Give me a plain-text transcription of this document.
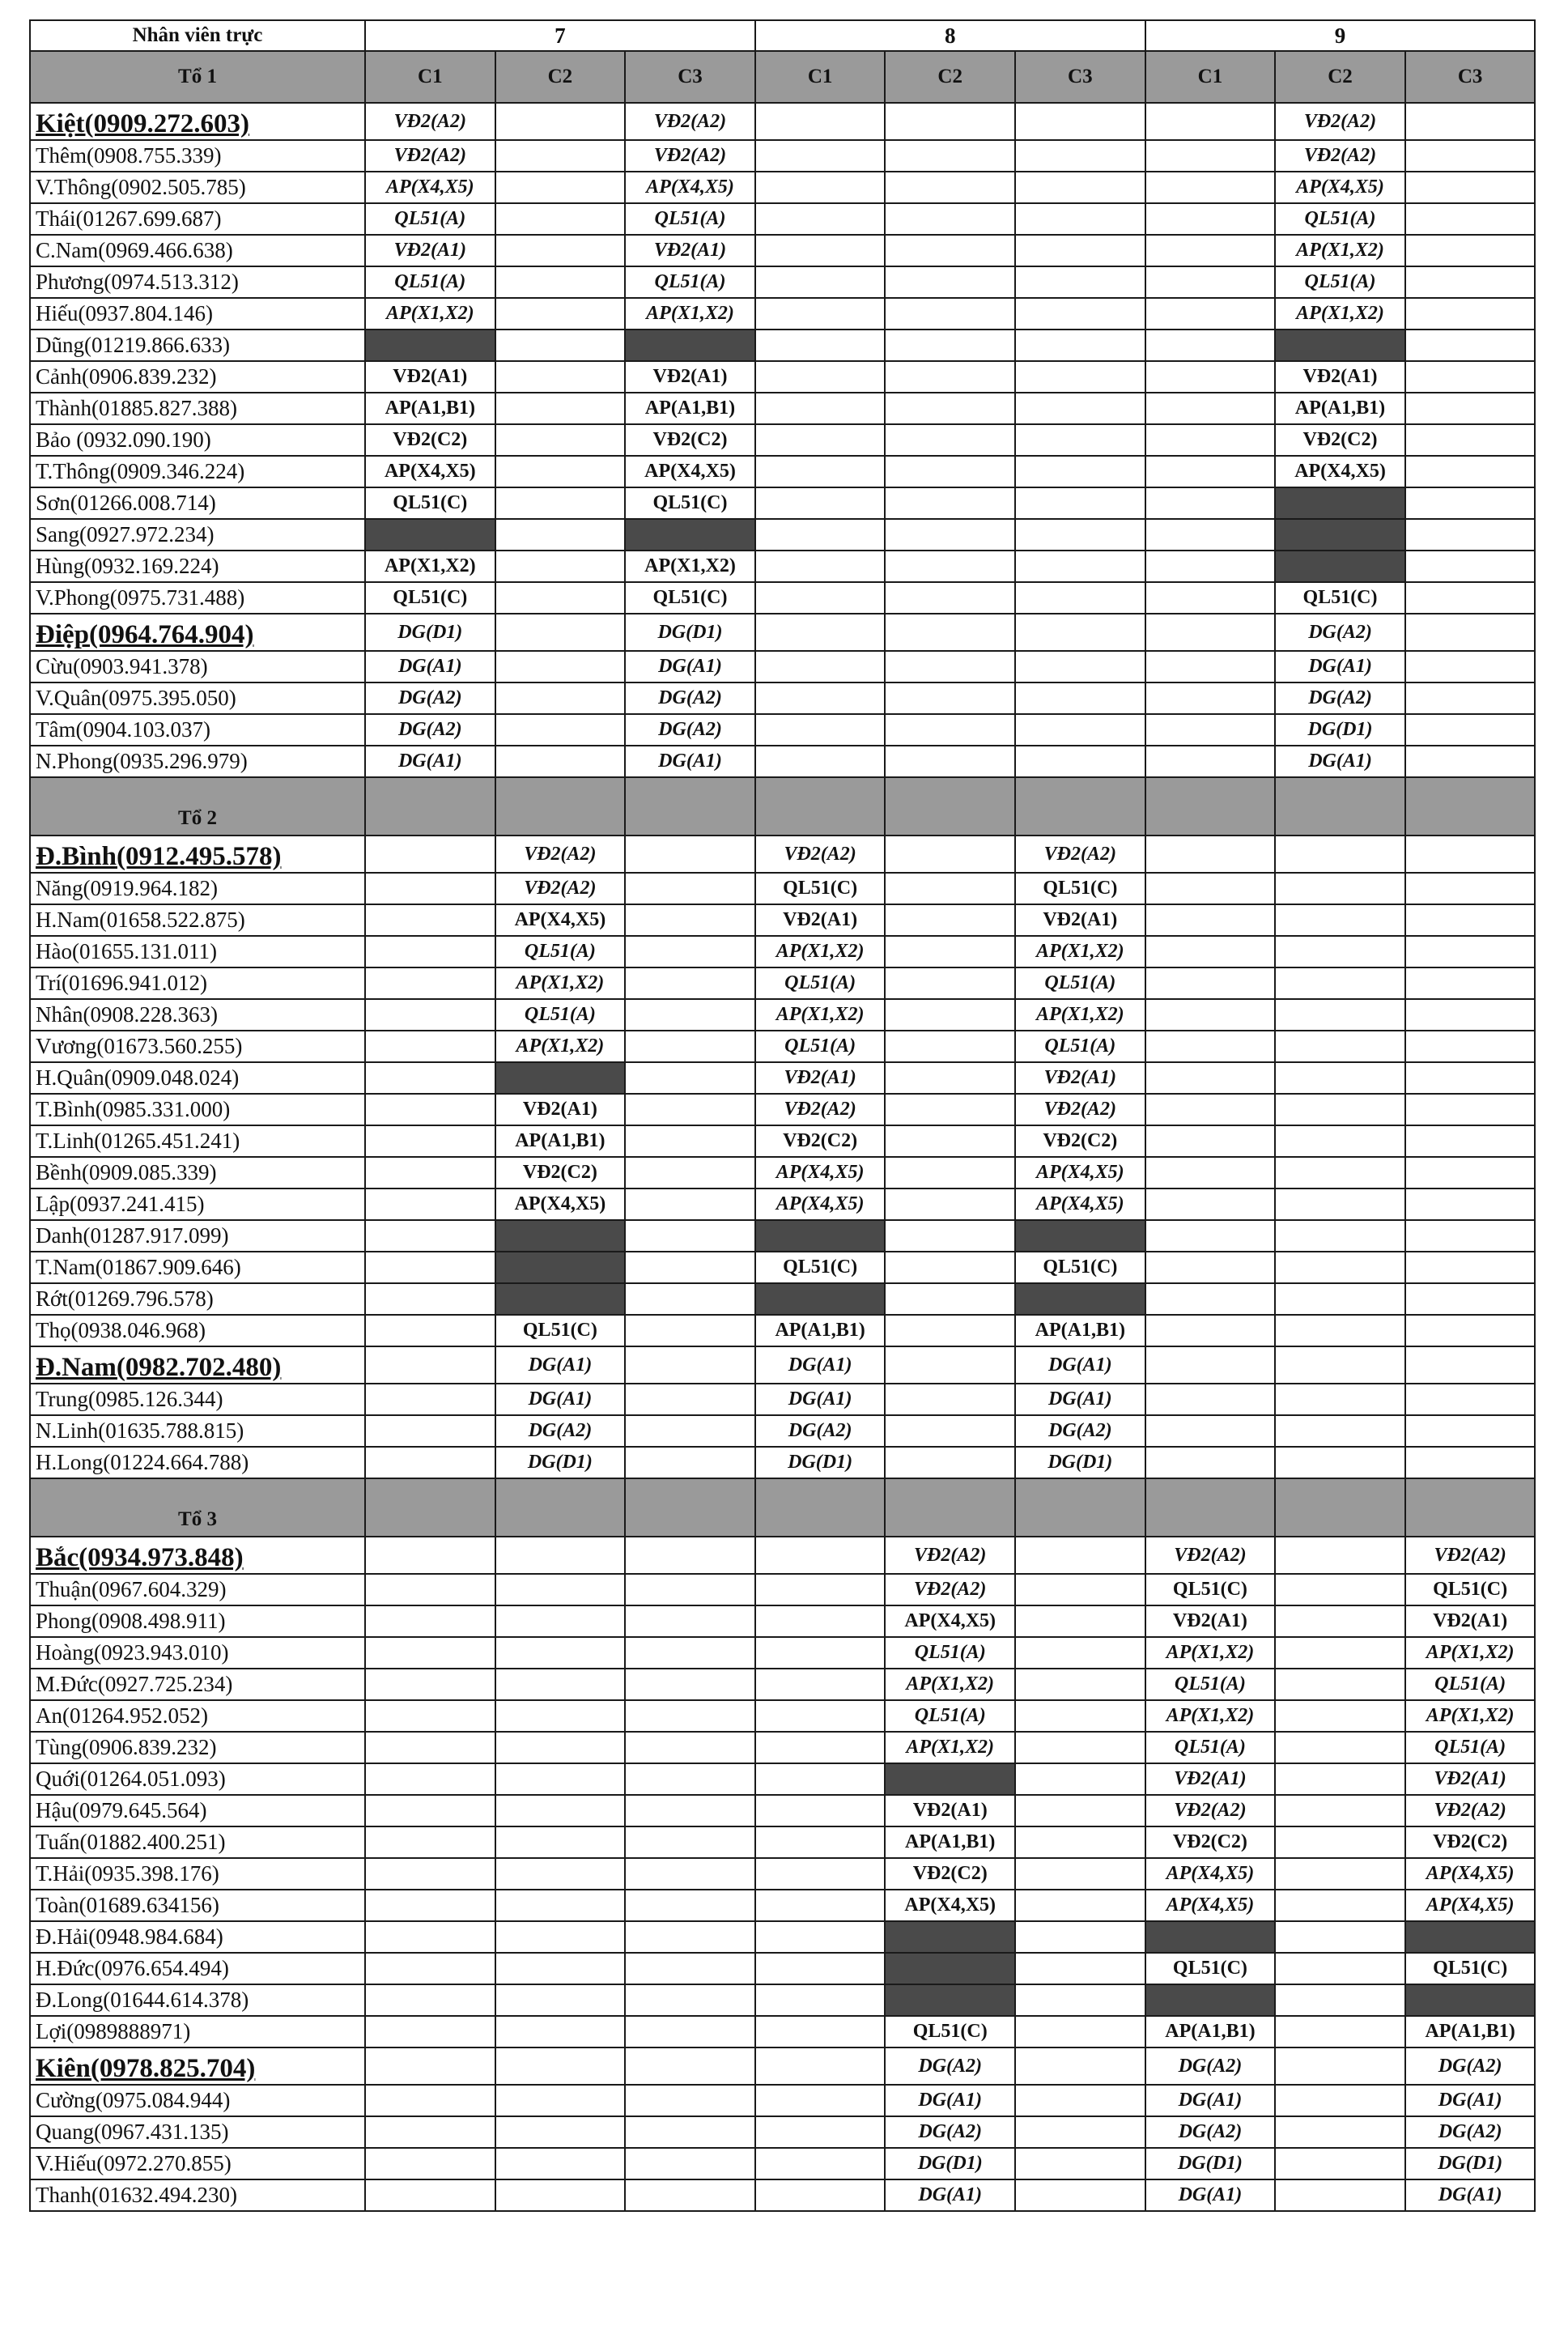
Nhân viên trực	7			8			9		
Tổ 1	C1	C2	C3	C1	C2	C3	C1	C2	C3
Kiệt(0909.272.603)	VĐ2(A2)		VĐ2(A2)					VĐ2(A2)	
Thêm(0908.755.339)	VĐ2(A2)		VĐ2(A2)					VĐ2(A2)	
V.Thông(0902.505.785)	AP(X4,X5)		AP(X4,X5)					AP(X4,X5)	
Thái(01267.699.687)	QL51(A)		QL51(A)					QL51(A)	
C.Nam(0969.466.638)	VĐ2(A1)		VĐ2(A1)					AP(X1,X2)	
Phương(0974.513.312)	QL51(A)		QL51(A)					QL51(A)	
Hiếu(0937.804.146)	AP(X1,X2)		AP(X1,X2)					AP(X1,X2)	
Dũng(01219.866.633)									
Cảnh(0906.839.232)	VĐ2(A1)		VĐ2(A1)					VĐ2(A1)	
Thành(01885.827.388)	AP(A1,B1)		AP(A1,B1)					AP(A1,B1)	
Bảo (0932.090.190)	VĐ2(C2)		VĐ2(C2)					VĐ2(C2)	
T.Thông(0909.346.224)	AP(X4,X5)		AP(X4,X5)					AP(X4,X5)	
Sơn(01266.008.714)	QL51(C)		QL51(C)						
Sang(0927.972.234)									
Hùng(0932.169.224)	AP(X1,X2)		AP(X1,X2)						
V.Phong(0975.731.488)	QL51(C)		QL51(C)					QL51(C)	
Điệp(0964.764.904)	DG(D1)		DG(D1)					DG(A2)	
Cừu(0903.941.378)	DG(A1)		DG(A1)					DG(A1)	
V.Quân(0975.395.050)	DG(A2)		DG(A2)					DG(A2)	
Tâm(0904.103.037)	DG(A2)		DG(A2)					DG(D1)	
N.Phong(0935.296.979)	DG(A1)		DG(A1)					DG(A1)	
Tổ 2									
Đ.Bình(0912.495.578)		VĐ2(A2)		VĐ2(A2)		VĐ2(A2)			
Năng(0919.964.182)		VĐ2(A2)		QL51(C)		QL51(C)			
H.Nam(01658.522.875)		AP(X4,X5)		VĐ2(A1)		VĐ2(A1)			
Hào(01655.131.011)		QL51(A)		AP(X1,X2)		AP(X1,X2)			
Trí(01696.941.012)		AP(X1,X2)		QL51(A)		QL51(A)			
Nhân(0908.228.363)		QL51(A)		AP(X1,X2)		AP(X1,X2)			
Vương(01673.560.255)		AP(X1,X2)		QL51(A)		QL51(A)			
H.Quân(0909.048.024)				VĐ2(A1)		VĐ2(A1)			
T.Bình(0985.331.000)		VĐ2(A1)		VĐ2(A2)		VĐ2(A2)			
T.Linh(01265.451.241)		AP(A1,B1)		VĐ2(C2)		VĐ2(C2)			
Bềnh(0909.085.339)		VĐ2(C2)		AP(X4,X5)		AP(X4,X5)			
Lập(0937.241.415)		AP(X4,X5)		AP(X4,X5)		AP(X4,X5)			
Danh(01287.917.099)									
T.Nam(01867.909.646)				QL51(C)		QL51(C)			
Rớt(01269.796.578)									
Thọ(0938.046.968)		QL51(C)		AP(A1,B1)		AP(A1,B1)			
Đ.Nam(0982.702.480)		DG(A1)		DG(A1)		DG(A1)			
Trung(0985.126.344)		DG(A1)		DG(A1)		DG(A1)			
N.Linh(01635.788.815)		DG(A2)		DG(A2)		DG(A2)			
H.Long(01224.664.788)		DG(D1)		DG(D1)		DG(D1)			
Tổ 3									
Bắc(0934.973.848)					VĐ2(A2)		VĐ2(A2)		VĐ2(A2)
Thuận(0967.604.329)					VĐ2(A2)		QL51(C)		QL51(C)
Phong(0908.498.911)					AP(X4,X5)		VĐ2(A1)		VĐ2(A1)
Hoàng(0923.943.010)					QL51(A)		AP(X1,X2)		AP(X1,X2)
M.Đức(0927.725.234)					AP(X1,X2)		QL51(A)		QL51(A)
An(01264.952.052)					QL51(A)		AP(X1,X2)		AP(X1,X2)
Tùng(0906.839.232)					AP(X1,X2)		QL51(A)		QL51(A)
Quới(01264.051.093)							VĐ2(A1)		VĐ2(A1)
Hậu(0979.645.564)					VĐ2(A1)		VĐ2(A2)		VĐ2(A2)
Tuấn(01882.400.251)					AP(A1,B1)		VĐ2(C2)		VĐ2(C2)
T.Hải(0935.398.176)					VĐ2(C2)		AP(X4,X5)		AP(X4,X5)
Toàn(01689.634156)					AP(X4,X5)		AP(X4,X5)		AP(X4,X5)
Đ.Hải(0948.984.684)									
H.Đức(0976.654.494)							QL51(C)		QL51(C)
Đ.Long(01644.614.378)									
Lợi(0989888971)					QL51(C)		AP(A1,B1)		AP(A1,B1)
Kiên(0978.825.704)					DG(A2)		DG(A2)		DG(A2)
Cường(0975.084.944)					DG(A1)		DG(A1)		DG(A1)
Quang(0967.431.135)					DG(A2)		DG(A2)		DG(A2)
V.Hiếu(0972.270.855)					DG(D1)		DG(D1)		DG(D1)
Thanh(01632.494.230)					DG(A1)		DG(A1)		DG(A1)
